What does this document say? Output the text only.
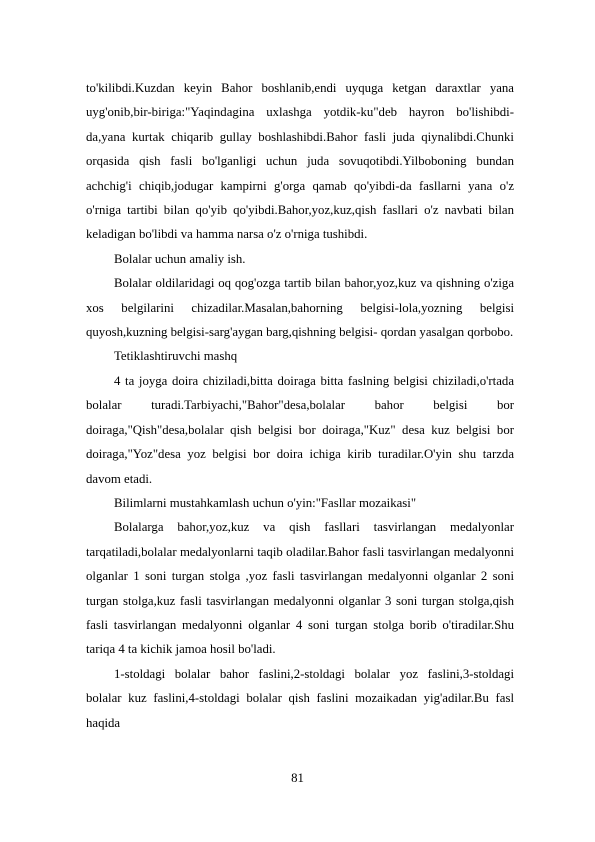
to'kilibdi.Kuzdan keyin Bahor boshlanib,endi uyquga ketgan daraxtlar yana uyg'onib,bir-biriga:"Yaqindagina uxlashga yotdik-ku"deb hayron bo'lishibdi-da,yana kurtak chiqarib gullay boshlashibdi.Bahor fasli juda qiynalibdi.Chunki orqasida qish fasli bo'lganligi uchun juda sovuqotibdi.Yilboboning bundan achchig'i chiqib,jodugar kampirni g'orga qamab qo'yibdi-da fasllarni yana o'z o'rniga tartibi bilan qo'yib qo'yibdi.Bahor,yoz,kuz,qish fasllari o'z navbati bilan keladigan bo'libdi va hamma narsa o'z o'rniga tushibdi.

Bolalar uchun amaliy ish.

Bolalar oldilaridagi oq qog'ozga tartib bilan bahor,yoz,kuz va qishning o'ziga xos belgilarini chizadilar.Masalan,bahorning belgisi-lola,yozning belgisi quyosh,kuzning belgisi-sarg'aygan barg,qishning belgisi- qordan yasalgan qorbobo.

Tetiklashtiruvchi mashq

4 ta joyga doira chiziladi,bitta doiraga bitta faslning belgisi chiziladi,o'rtada bolalar turadi.Tarbiyachi,"Bahor"desa,bolalar bahor belgisi bor doiraga,"Qish"desa,bolalar qish belgisi bor doiraga,"Kuz" desa kuz belgisi bor doiraga,"Yoz"desa yoz belgisi bor doira ichiga kirib turadilar.O'yin shu tarzda davom etadi.

Bilimlarni mustahkamlash uchun o'yin:"Fasllar mozaikasi"

Bolalarga bahor,yoz,kuz va qish fasllari tasvirlangan medalyonlar tarqatiladi,bolalar medalyonlarni taqib oladilar.Bahor fasli tasvirlangan medalyonni olganlar 1 soni turgan stolga ,yoz fasli tasvirlangan medalyonni olganlar 2 soni turgan stolga,kuz fasli tasvirlangan medalyonni olganlar 3 soni turgan stolga,qish fasli tasvirlangan medalyonni olganlar 4 soni turgan stolga borib o'tiradilar.Shu tariqa 4 ta kichik jamoa hosil bo'ladi.

1-stoldagi bolalar bahor faslini,2-stoldagi bolalar yoz faslini,3-stoldagi bolalar kuz faslini,4-stoldagi bolalar qish faslini mozaikadan yig'adilar.Bu fasl haqida

81
